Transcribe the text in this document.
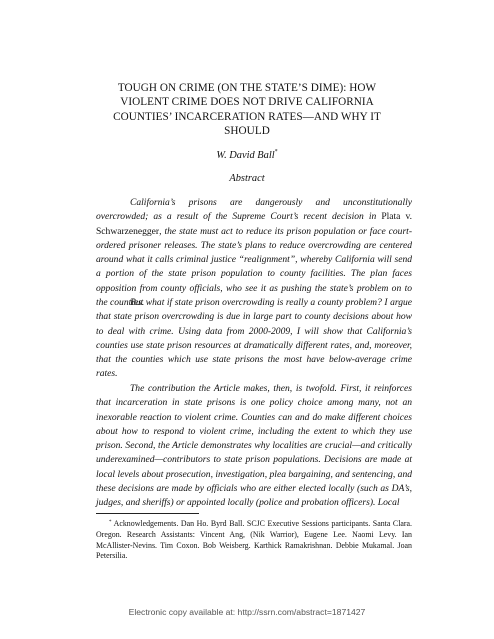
TOUGH ON CRIME (ON THE STATE’S DIME): HOW
VIOLENT CRIME DOES NOT DRIVE CALIFORNIA
COUNTIES’ INCARCERATION RATES—AND WHY IT
SHOULD
W. David Ball*
Abstract

California’s prisons are dangerously and unconstitutionally overcrowded; as a result of the Supreme Court’s recent decision in Plata v. Schwarzenegger, the state must act to reduce its prison population or face court-ordered prisoner releases. The state’s plans to reduce overcrowding are centered around what it calls criminal justice “realignment”, whereby California will send a portion of the state prison population to county facilities. The plan faces opposition from county officials, who see it as pushing the state’s problem on to the counties.

But what if state prison overcrowding is really a county problem? I argue that state prison overcrowding is due in large part to county decisions about how to deal with crime. Using data from 2000-2009, I will show that California’s counties use state prison resources at dramatically different rates, and, moreover, that the counties which use state prisons the most have below-average crime rates.

The contribution the Article makes, then, is twofold. First, it reinforces that incarceration in state prisons is one policy choice among many, not an inexorable reaction to violent crime. Counties can and do make different choices about how to respond to violent crime, including the extent to which they use prison. Second, the Article demonstrates why localities are crucial—and critically underexamined—contributors to state prison populations. Decisions are made at local levels about prosecution, investigation, plea bargaining, and sentencing, and these decisions are made by officials who are either elected locally (such as DA’s, judges, and sheriffs) or appointed locally (police and probation officers). Local

* Acknowledgements. Dan Ho. Byrd Ball. SCJC Executive Sessions participants. Santa Clara. Oregon. Research Assistants: Vincent Ang, (Nik Warrior), Eugene Lee. Naomi Levy. Ian McAllister-Nevins. Tim Coxon. Bob Weisberg. Karthick Ramakrishnan. Debbie Mukamal. Joan Petersilia.

Electronic copy available at: http://ssrn.com/abstract=1871427
